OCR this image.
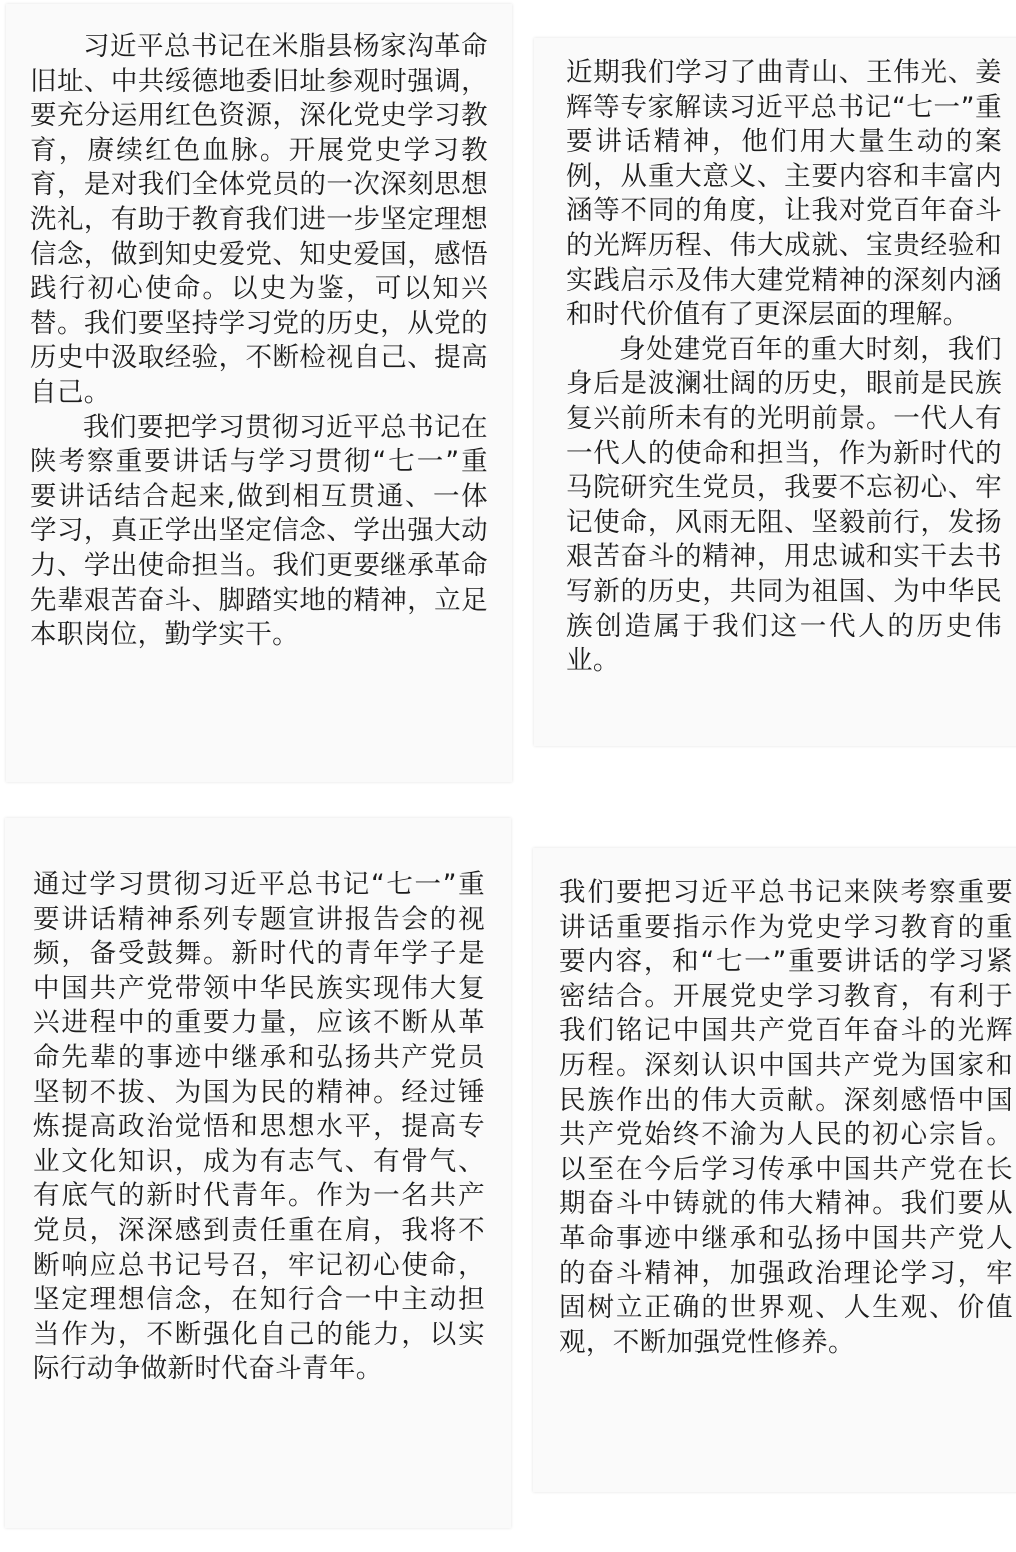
习近平总书记在米脂县杨家沟革命旧址、中共绥德地委旧址参观时强调，要充分运用红色资源，深化党史学习教育，赓续红色血脉。开展党史学习教育，是对我们全体党员的一次深刻思想洗礼，有助于教育我们进一步坚定理想信念，做到知史爱党、知史爱国，感悟践行初心使命。以史为鉴，可以知兴替。我们要坚持学习党的历史，从党的历史中汲取经验，不断检视自己、提高自己。

我们要把学习贯彻习近平总书记在陕考察重要讲话与学习贯彻“七一”重要讲话结合起来,做到相互贯通、一体学习，真正学出坚定信念、学出强大动力、学出使命担当。我们更要继承革命先辈艰苦奋斗、脚踏实地的精神，立足本职岗位，勤学实干。

近期我们学习了曲青山、王伟光、姜辉等专家解读习近平总书记“七一”重要讲话精神，他们用大量生动的案例，从重大意义、主要内容和丰富内涵等不同的角度，让我对党百年奋斗的光辉历程、伟大成就、宝贵经验和实践启示及伟大建党精神的深刻内涵和时代价值有了更深层面的理解。

身处建党百年的重大时刻，我们身后是波澜壮阔的历史，眼前是民族复兴前所未有的光明前景。一代人有一代人的使命和担当，作为新时代的马院研究生党员，我要不忘初心、牢记使命，风雨无阻、坚毅前行，发扬艰苦奋斗的精神，用忠诚和实干去书写新的历史，共同为祖国、为中华民族创造属于我们这一代人的历史伟业。

通过学习贯彻习近平总书记“七一”重要讲话精神系列专题宣讲报告会的视频，备受鼓舞。新时代的青年学子是中国共产党带领中华民族实现伟大复兴进程中的重要力量，应该不断从革命先辈的事迹中继承和弘扬共产党员坚韧不拔、为国为民的精神。经过锤炼提高政治觉悟和思想水平，提高专业文化知识，成为有志气、有骨气、有底气的新时代青年。作为一名共产党员，深深感到责任重在肩，我将不断响应总书记号召，牢记初心使命，坚定理想信念，在知行合一中主动担当作为，不断强化自己的能力，以实际行动争做新时代奋斗青年。

我们要把习近平总书记来陕考察重要讲话重要指示作为党史学习教育的重要内容，和“七一”重要讲话的学习紧密结合。开展党史学习教育，有利于我们铭记中国共产党百年奋斗的光辉历程。深刻认识中国共产党为国家和民族作出的伟大贡献。深刻感悟中国共产党始终不渝为人民的初心宗旨。以至在今后学习传承中国共产党在长期奋斗中铸就的伟大精神。我们要从革命事迹中继承和弘扬中国共产党人的奋斗精神，加强政治理论学习，牢固树立正确的世界观、人生观、价值观，不断加强党性修养。
